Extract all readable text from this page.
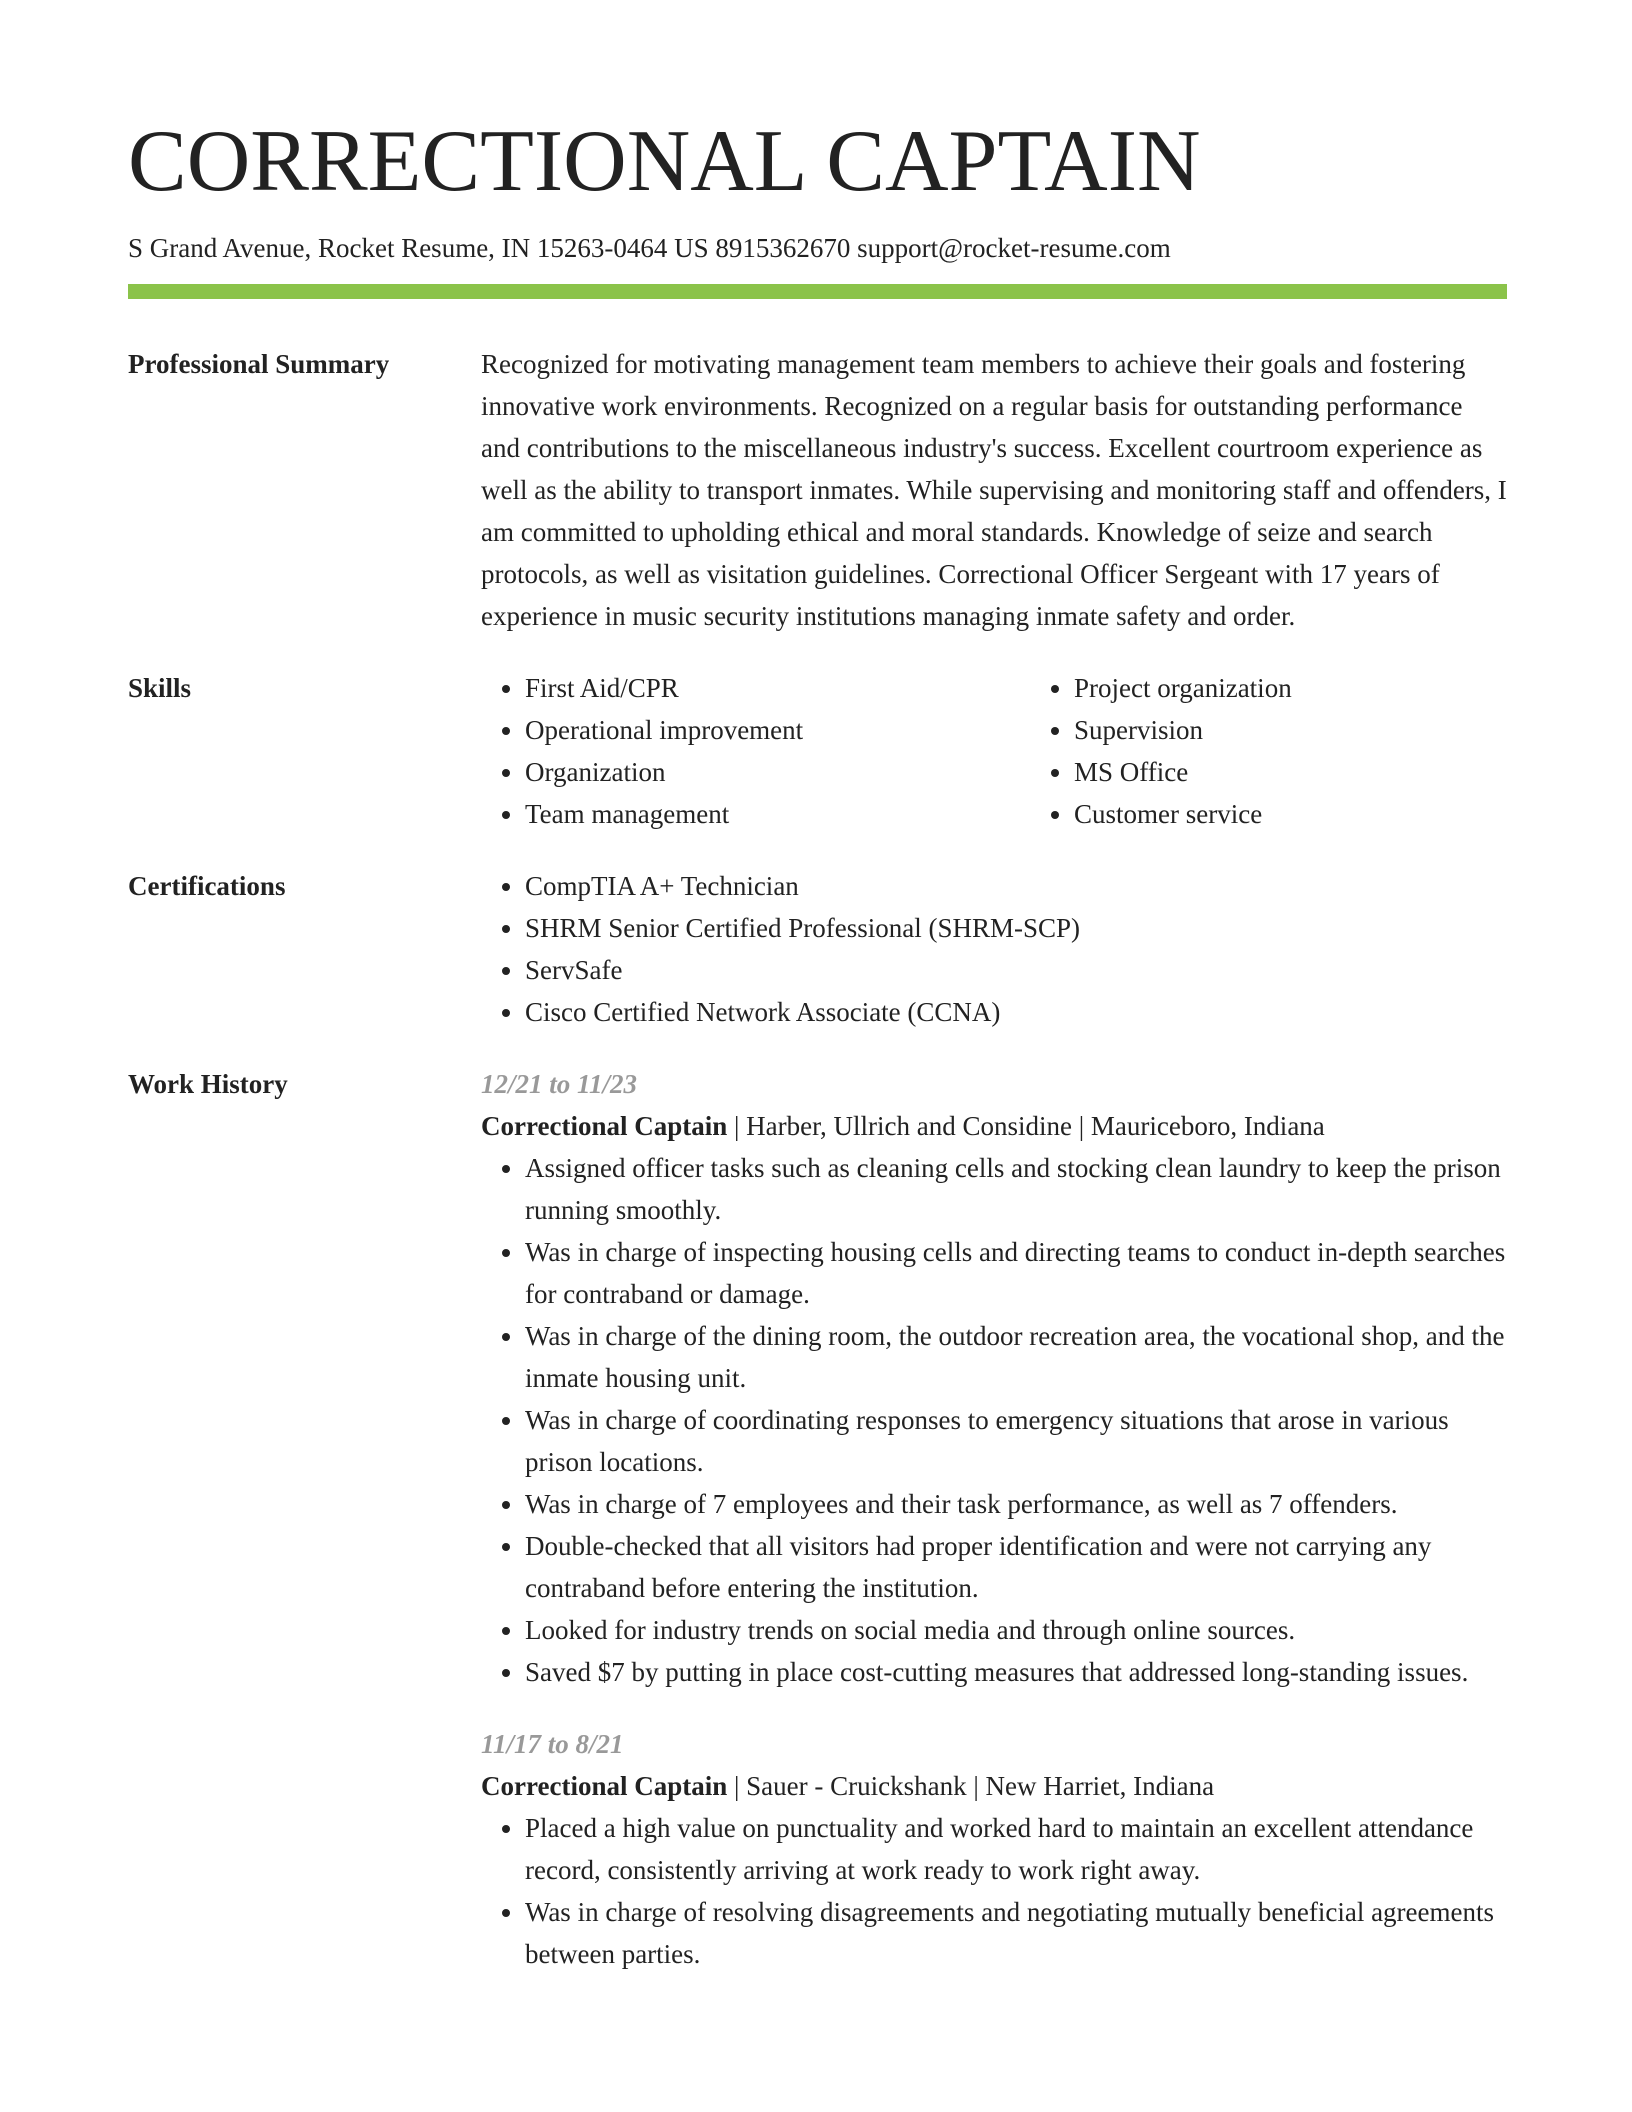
CORRECTIONAL CAPTAIN
S Grand Avenue, Rocket Resume, IN 15263-0464 US 8915362670 support@rocket-resume.com
Professional Summary	Recognized for motivating management team members to achieve their goals and fostering innovative work environments. Recognized on a regular basis for outstanding performance and contributions to the miscellaneous industry's success. Excellent courtroom experience as well as the ability to transport inmates. While supervising and monitoring staff and offenders, I am committed to upholding ethical and moral standards. Knowledge of seize and search protocols, as well as visitation guidelines. Correctional Officer Sergeant with 17 years of experience in music security institutions managing inmate safety and order.

Skills	• First Aid/CPR
• Operational improvement
• Organization
• Team management
• Project organization
• Supervision
• MS Office
• Customer service
Certifications	• CompTIA A+ Technician
• SHRM Senior Certified Professional (SHRM-SCP)
• ServSafe
• Cisco Certified Network Associate (CCNA)
Work History	12/21 to 11/23
Correctional Captain | Harber, Ullrich and Considine | Mauriceboro, Indiana
• Assigned officer tasks such as cleaning cells and stocking clean laundry to keep the prison running smoothly.
• Was in charge of inspecting housing cells and directing teams to conduct in-depth searches for contraband or damage.
• Was in charge of the dining room, the outdoor recreation area, the vocational shop, and the inmate housing unit.
• Was in charge of coordinating responses to emergency situations that arose in various prison locations.
• Was in charge of 7 employees and their task performance, as well as 7 offenders.
• Double-checked that all visitors had proper identification and were not carrying any contraband before entering the institution.
• Looked for industry trends on social media and through online sources.
• Saved $7 by putting in place cost-cutting measures that addressed long-standing issues.
11/17 to 8/21
Correctional Captain | Sauer - Cruickshank | New Harriet, Indiana
• Placed a high value on punctuality and worked hard to maintain an excellent attendance record, consistently arriving at work ready to work right away.
• Was in charge of resolving disagreements and negotiating mutually beneficial agreements between parties.
